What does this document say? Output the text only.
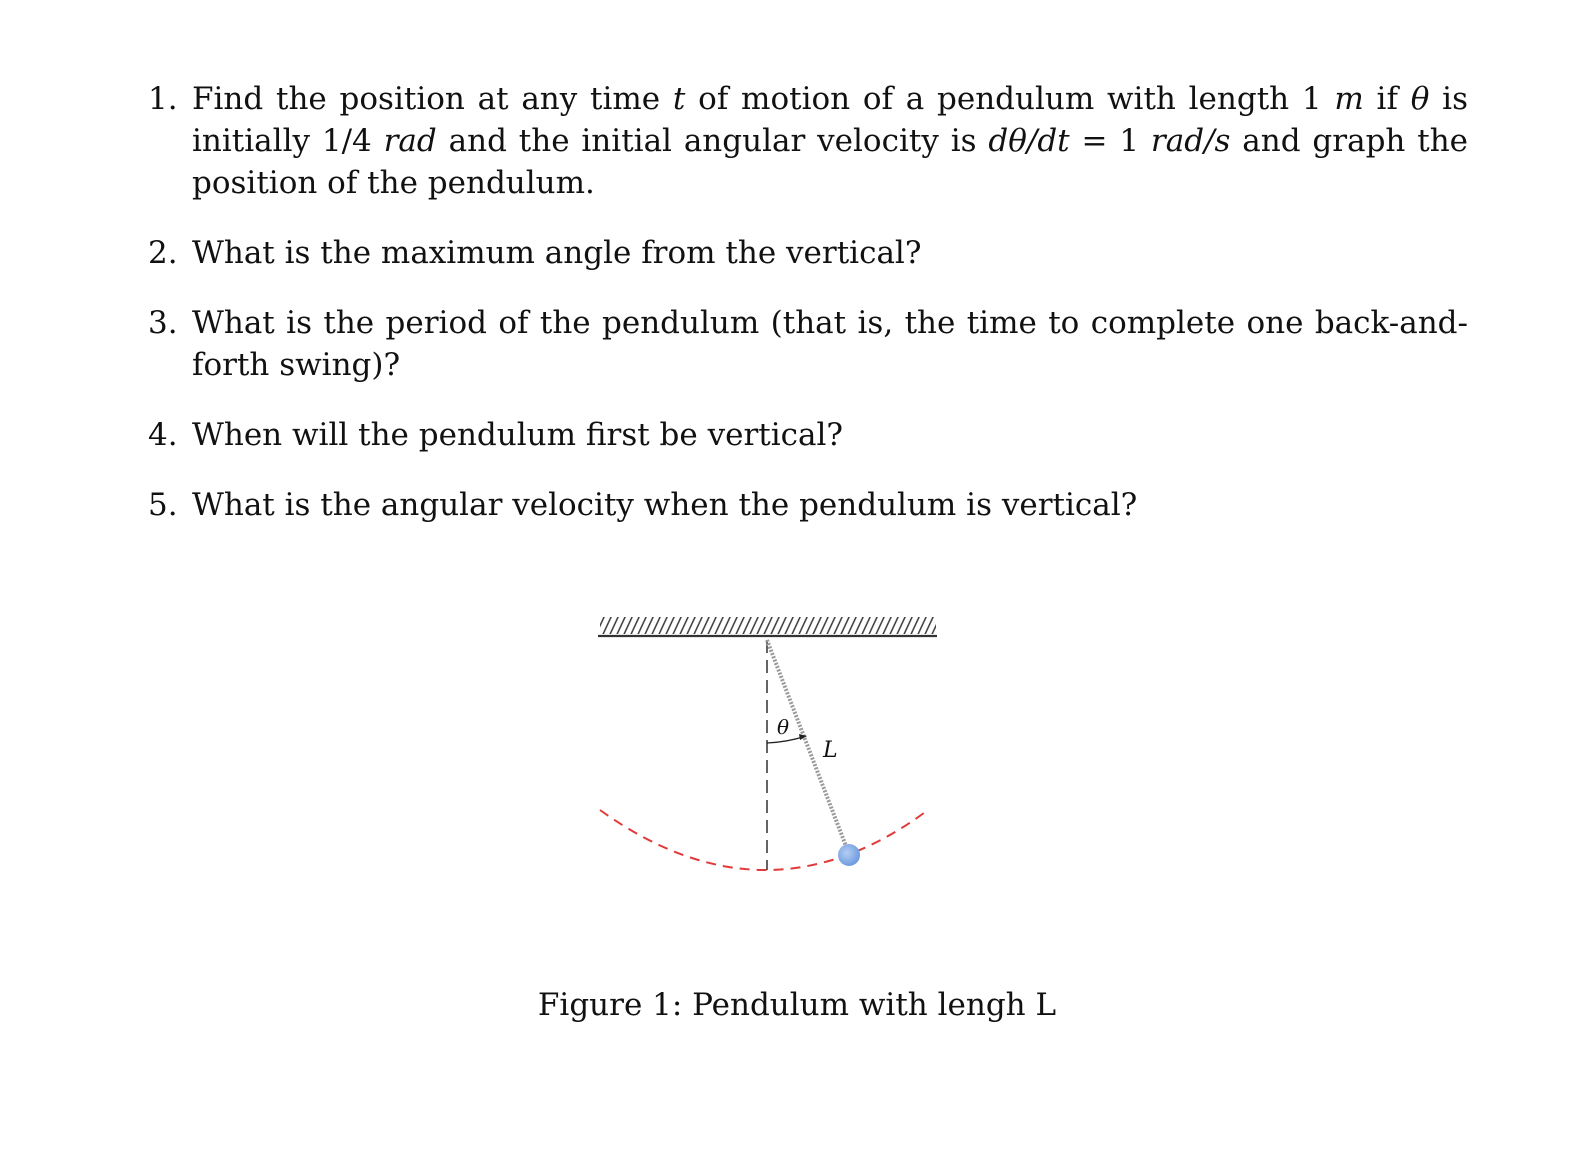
1. Find the position at any time t of motion of a pendulum with length 1 m if θ is initially 1/4 rad and the initial angular velocity is dθ/dt = 1 rad/s and graph the position of the pendulum.
2. What is the maximum angle from the vertical?
3. What is the period of the pendulum (that is, the time to complete one back-and-forth swing)?
4. When will the pendulum first be vertical?
5. What is the angular velocity when the pendulum is vertical?
θ
L
Figure 1: Pendulum with lengh L
